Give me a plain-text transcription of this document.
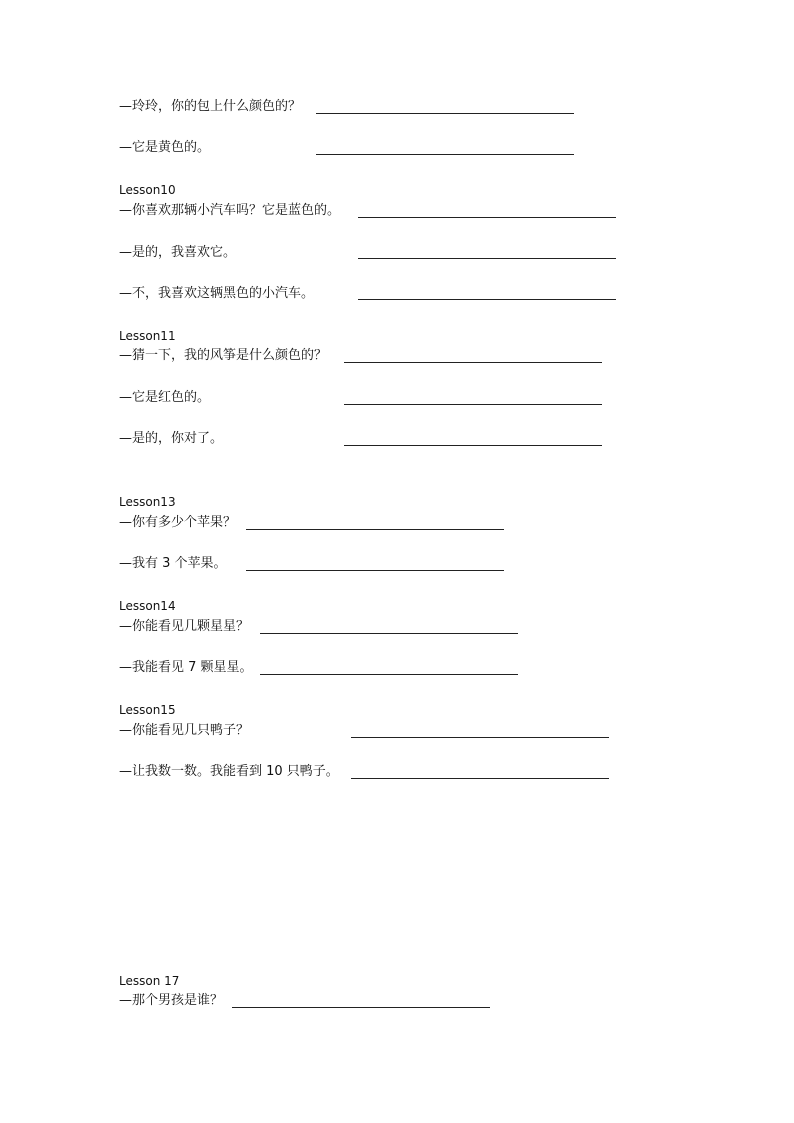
—玲玲，你的包上什么颜色的？
—它是黄色的。
Lesson10
—你喜欢那辆小汽车吗？它是蓝色的。
—是的，我喜欢它。
—不，我喜欢这辆黑色的小汽车。
Lesson11
—猜一下，我的风筝是什么颜色的？
—它是红色的。
—是的，你对了。
Lesson13
—你有多少个苹果？
—我有 3 个苹果。
Lesson14
—你能看见几颗星星？
—我能看见 7 颗星星。
Lesson15
—你能看见几只鸭子？
—让我数一数。我能看到 10 只鸭子。
Lesson 17
—那个男孩是谁？
